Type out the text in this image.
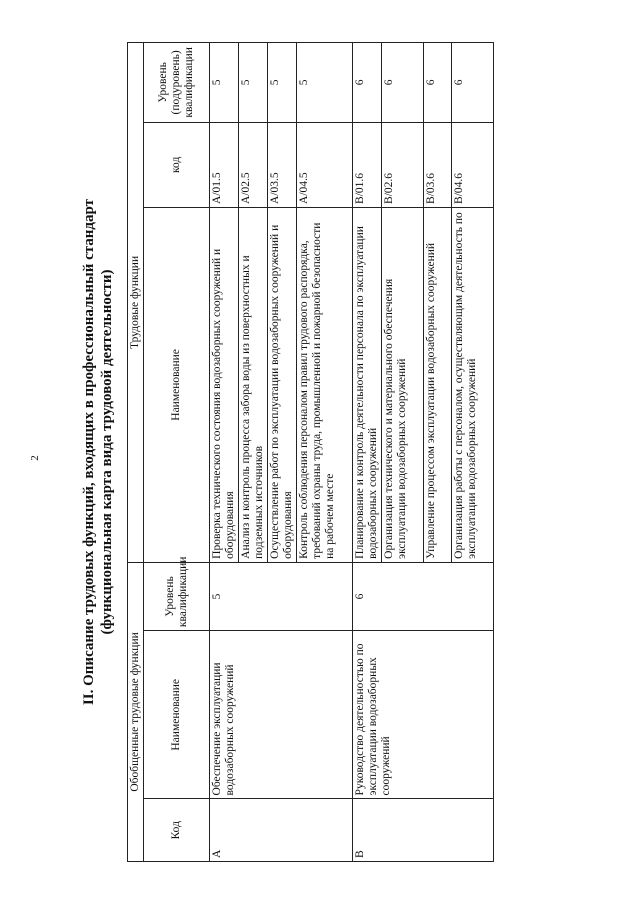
2	II. Описание трудовых функций, входящих в профессиональный стандарт (функциональная карта вида трудовой деятельности)
Обобщенные трудовые функции			Трудовые функции		
Код	Наименование	Уровень квалификации	Наименование	код	Уровень (подуровень) квалификации
А	Обеспечение эксплуатации водозаборных сооружений	5	Проверка технического состояния водозаборных сооружений и оборудования	А/01.5	5
			Анализ и контроль процесса забора воды из поверхностных и подземных источников	А/02.5	5
			Осуществление работ по эксплуатации водозаборных сооружений и оборудования	А/03.5	5
			Контроль соблюдения персоналом правил трудового распорядка, требований охраны труда, промышленной и пожарной безопасности на рабочем месте	А/04.5	5
В	Руководство деятельностью по эксплуатации водозаборных сооружений	6	Планирование и контроль деятельности персонала по эксплуатации водозаборных сооружений	В/01.6	6
			Организация технического и материального обеспечения эксплуатации водозаборных сооружений	В/02.6	6
			Управление процессом эксплуатации водозаборных сооружений	В/03.6	6
			Организация работы с персоналом, осуществляющим деятельность по эксплуатации водозаборных сооружений	В/04.6	6
